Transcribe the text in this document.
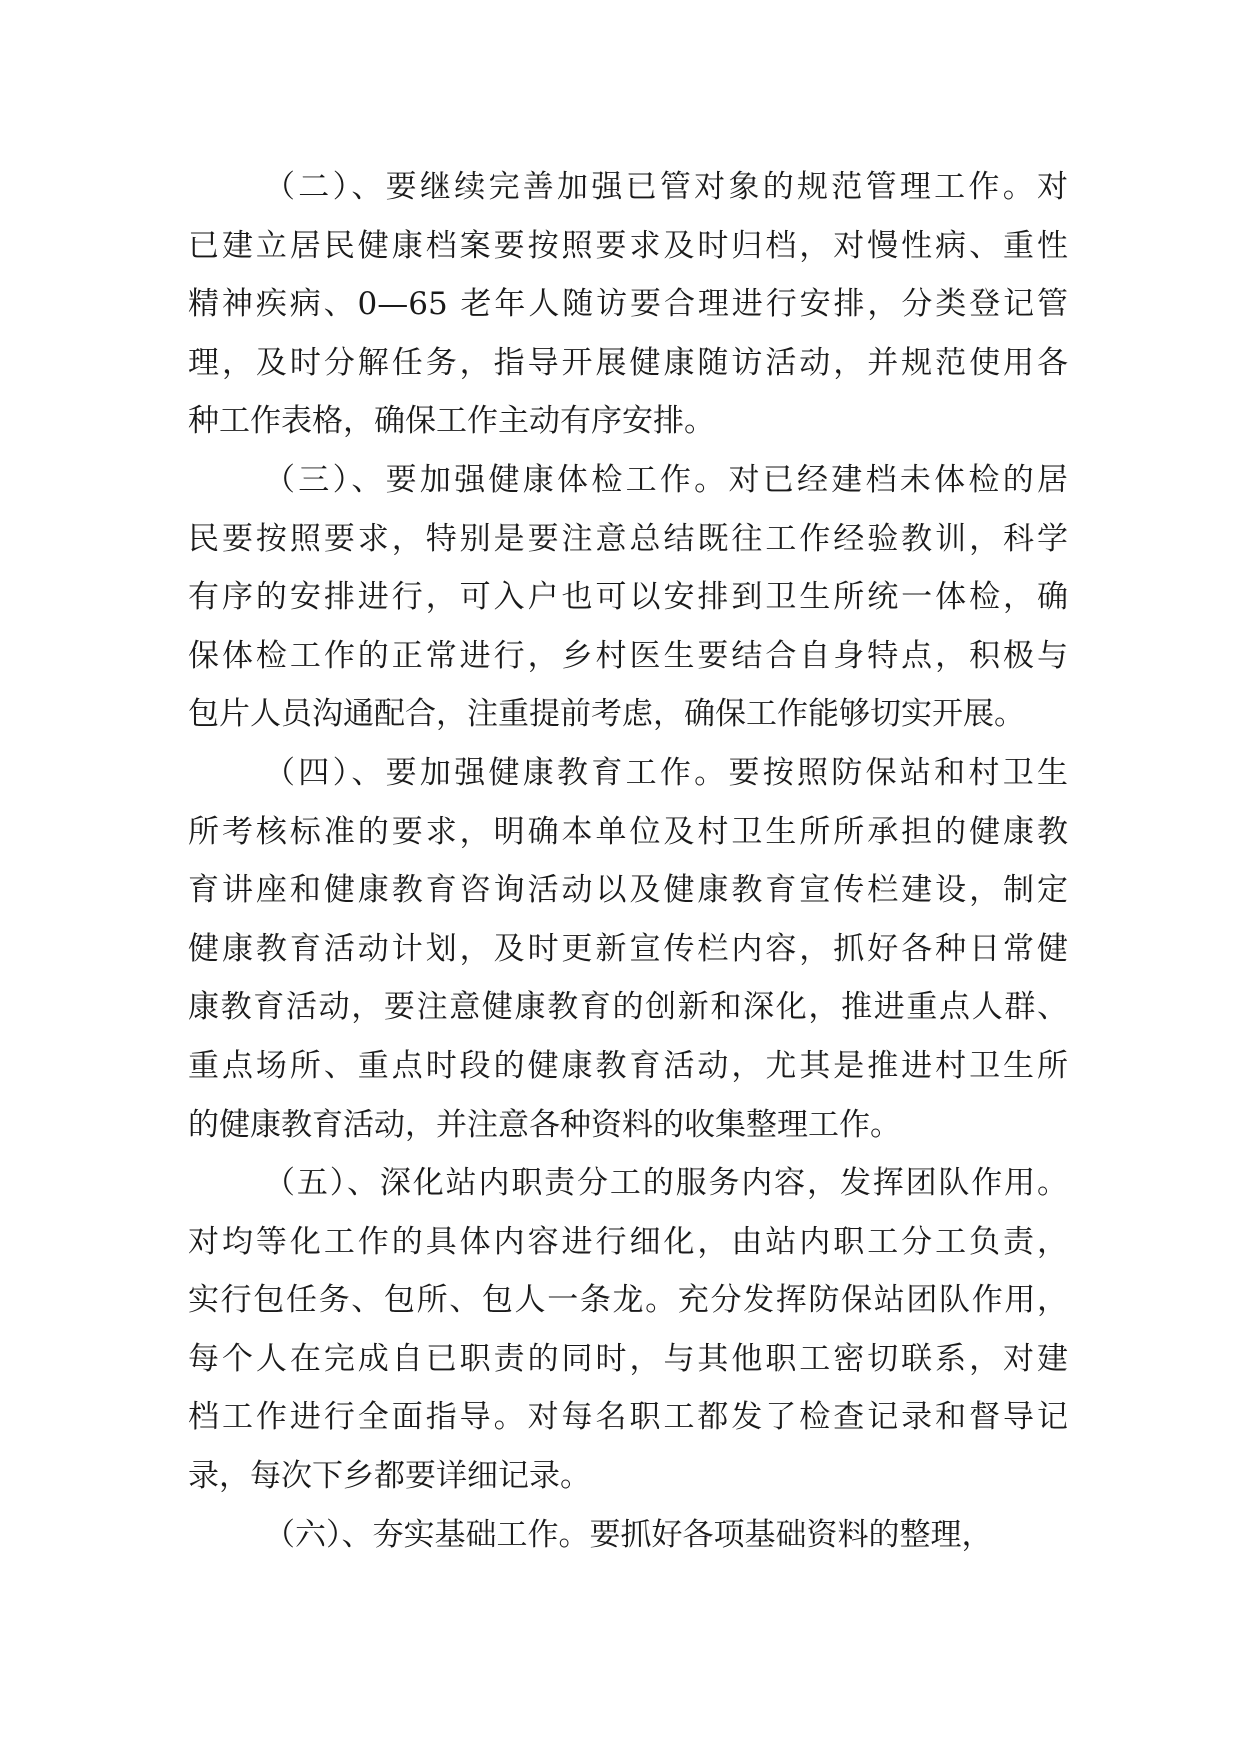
（二）、要继续完善加强已管对象的规范管理工作。对
已建立居民健康档案要按照要求及时归档，对慢性病、重性
精神疾病、0—65 老年人随访要合理进行安排，分类登记管
理，及时分解任务，指导开展健康随访活动，并规范使用各
种工作表格，确保工作主动有序安排。
（三）、要加强健康体检工作。对已经建档未体检的居
民要按照要求，特别是要注意总结既往工作经验教训，科学
有序的安排进行，可入户也可以安排到卫生所统一体检，确
保体检工作的正常进行，乡村医生要结合自身特点，积极与
包片人员沟通配合，注重提前考虑，确保工作能够切实开展。
（四）、要加强健康教育工作。要按照防保站和村卫生
所考核标准的要求，明确本单位及村卫生所所承担的健康教
育讲座和健康教育咨询活动以及健康教育宣传栏建设，制定
健康教育活动计划，及时更新宣传栏内容，抓好各种日常健
康教育活动，要注意健康教育的创新和深化，推进重点人群、
重点场所、重点时段的健康教育活动，尤其是推进村卫生所
的健康教育活动，并注意各种资料的收集整理工作。
（五）、深化站内职责分工的服务内容，发挥团队作用。
对均等化工作的具体内容进行细化，由站内职工分工负责，
实行包任务、包所、包人一条龙。充分发挥防保站团队作用，
每个人在完成自已职责的同时，与其他职工密切联系，对建
档工作进行全面指导。对每名职工都发了检查记录和督导记
录，每次下乡都要详细记录。
（六）、夯实基础工作。要抓好各项基础资料的整理，
